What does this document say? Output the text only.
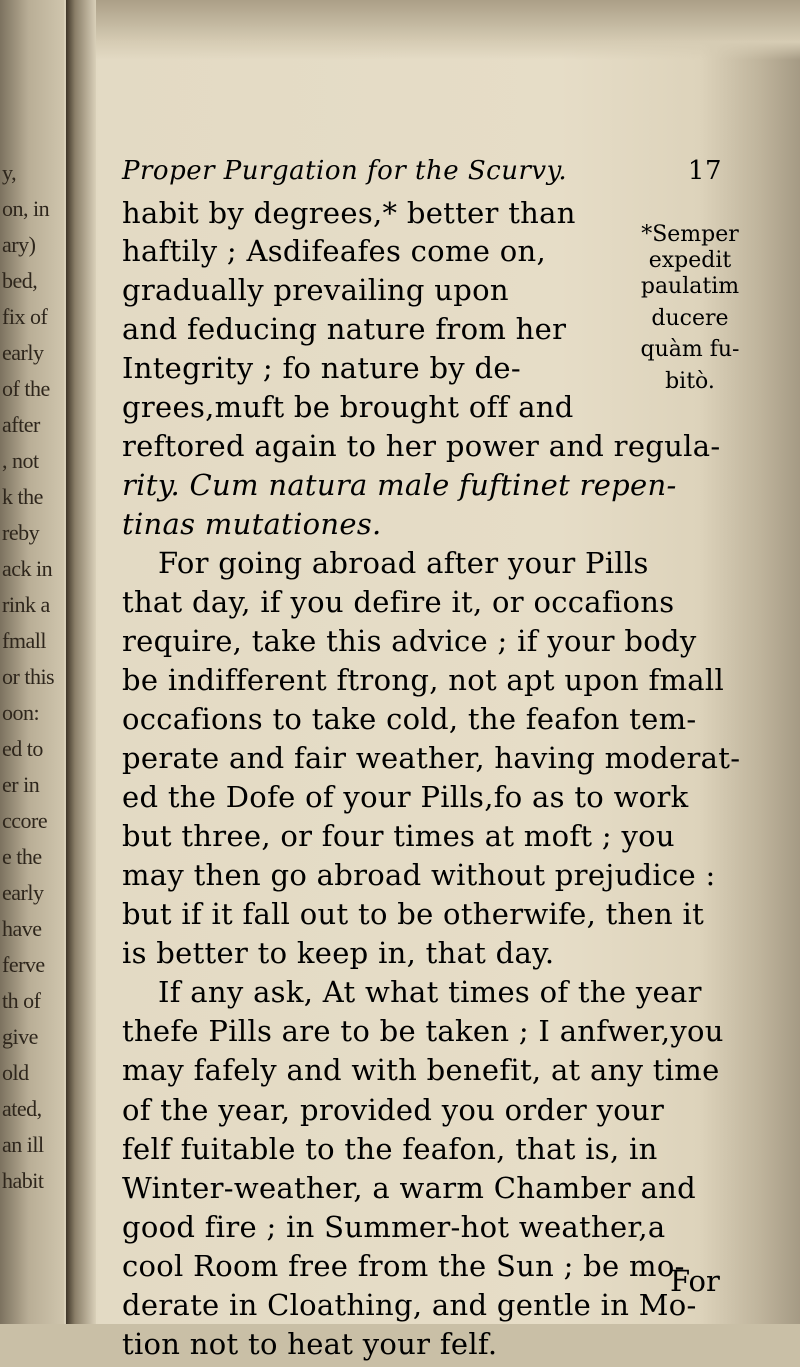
y,
on, in
ary)
bed,
fix of
early
of the
after
, not
k the
reby
ack in
rink a
fmall
or this
oon:
ed to
er in
ccore
e the
early
have
ferve
th of
give
old
ated,
an ill
habit
Proper Purgation for the Scurvy.	17
habit by degrees,* better than
haftily ; Asdifeafes come on,
gradually prevailing upon
and feducing nature from her
Integrity ; fo nature by de-
grees,muft be brought off and
reftored again to her power and regula-
rity. Cum natura male fuftinet repen-
tinas mutationes.
For going abroad after your Pills
that day, if you defire it, or occafions
require, take this advice ; if your body
be indifferent ftrong, not apt upon fmall
occafions to take cold, the feafon tem-
perate and fair weather, having moderat-
ed the Dofe of your Pills,fo as to work
but three, or four times at moft ; you
may then go abroad without prejudice :
but if it fall out to be otherwife, then it
is better to keep in, that day.
If any ask, At what times of the year
thefe Pills are to be taken ; I anfwer,you
may fafely and with benefit, at any time
of the year, provided you order your
felf fuitable to the feafon, that is, in
Winter-weather, a warm Chamber and
good fire ; in Summer-hot weather,a
cool Room free from the Sun ; be mo-
derate in Cloathing, and gentle in Mo-
tion not to heat your felf.
*Semper
expedit
paulatim
ducere
quàm fu-
bitò.
For
